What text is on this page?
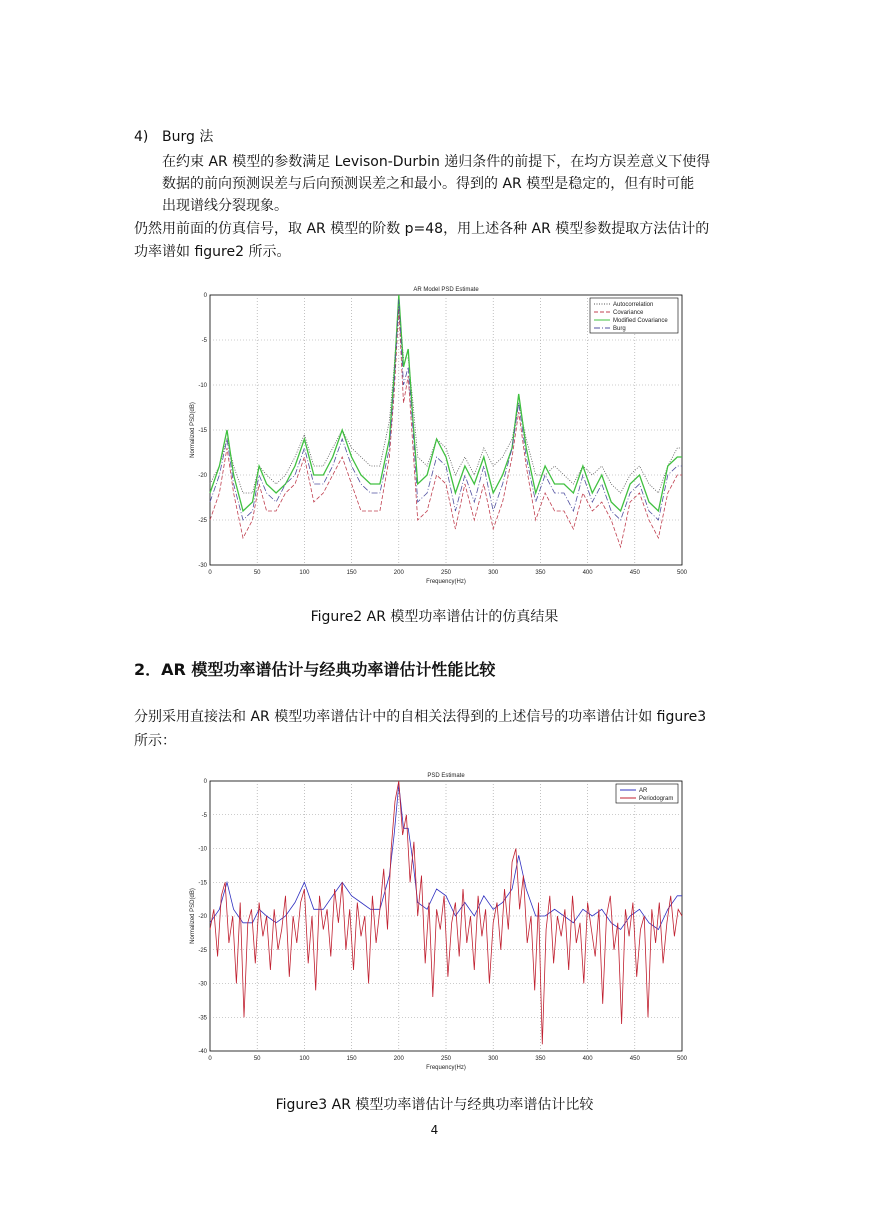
4) Burg 法
在约束 AR 模型的参数满足 Levison-Durbin 递归条件的前提下，在均方误差意义下使得
数据的前向预测误差与后向预测误差之和最小。得到的 AR 模型是稳定的，但有时可能
出现谱线分裂现象。
仍然用前面的仿真信号，取 AR 模型的阶数 p=48，用上述各种 AR 模型参数提取方法估计的
功率谱如 figure2 所示。
0	50	100	150	200	250	300	350	400	450	500
0
-5
-10
-15
-20
-25
-30
AR Model PSD Estimate
Frequency(Hz)
Normalized PSD(dB)
Autocorrelation
Covariance
Modified Covariance
Burg
Figure2 AR 模型功率谱估计的仿真结果
2．AR 模型功率谱估计与经典功率谱估计性能比较
分别采用直接法和 AR 模型功率谱估计中的自相关法得到的上述信号的功率谱估计如 figure3
所示：
0	50	100	150	200	250	300	350	400	450	500
0
-5
-10
-15
-20
-25
-30
-35
-40
PSD Estimate
Frequency(Hz)
Normalized PSD(dB)
AR
Periodogram
Figure3 AR 模型功率谱估计与经典功率谱估计比较
4
